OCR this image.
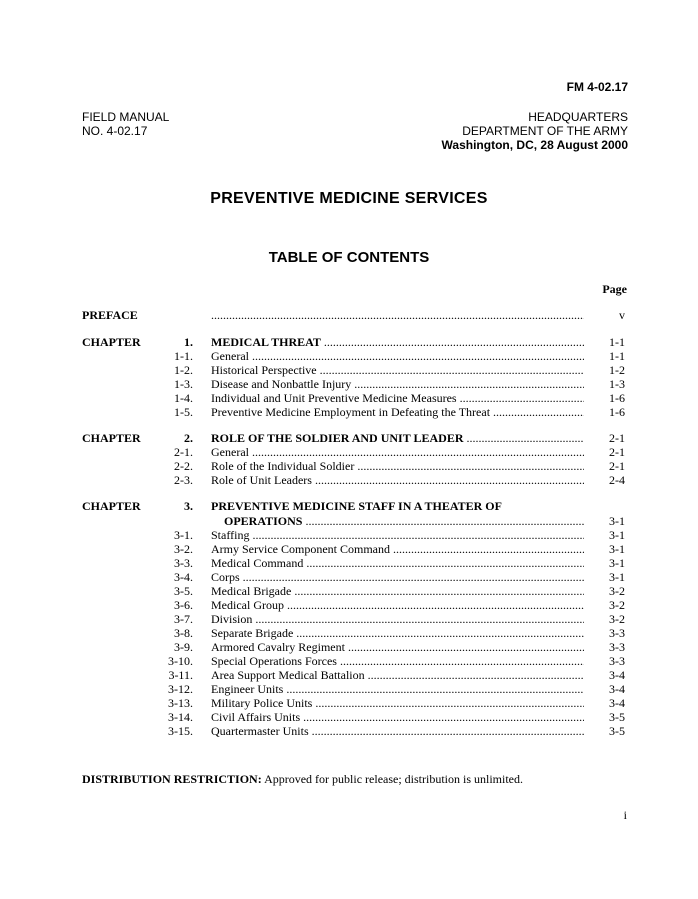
FM 4-02.17
FIELD MANUAL
NO. 4-02.17
HEADQUARTERS
DEPARTMENT OF THE ARMY
Washington, DC, 28 August 2000
PREVENTIVE MEDICINE SERVICES
TABLE OF CONTENTS
Page
PREFACE
.....	v
CHAPTER	1. MEDICAL THREAT .....	1-1
1-1. General .....	1-1
1-2. Historical Perspective .....	1-2
1-3. Disease and Nonbattle Injury .....	1-3
1-4. Individual and Unit Preventive Medicine Measures .....	1-6
1-5. Preventive Medicine Employment in Defeating the Threat .....	1-6
CHAPTER	2. ROLE OF THE SOLDIER AND UNIT LEADER .....	2-1
2-1. General .....	2-1
2-2. Role of the Individual Soldier .....	2-1
2-3. Role of Unit Leaders .....	2-4
CHAPTER	3. PREVENTIVE MEDICINE STAFF IN A THEATER OF
OPERATIONS .....	3-1
3-1. Staffing .....	3-1
3-2. Army Service Component Command .....	3-1
3-3. Medical Command .....	3-1
3-4. Corps .....	3-1
3-5. Medical Brigade .....	3-2
3-6. Medical Group .....	3-2
3-7. Division .....	3-2
3-8. Separate Brigade .....	3-3
3-9. Armored Cavalry Regiment .....	3-3
3-10. Special Operations Forces .....	3-3
3-11. Area Support Medical Battalion .....	3-4
3-12. Engineer Units .....	3-4
3-13. Military Police Units .....	3-4
3-14. Civil Affairs Units .....	3-5
3-15. Quartermaster Units .....	3-5
DISTRIBUTION RESTRICTION: Approved for public release; distribution is unlimited.
i
